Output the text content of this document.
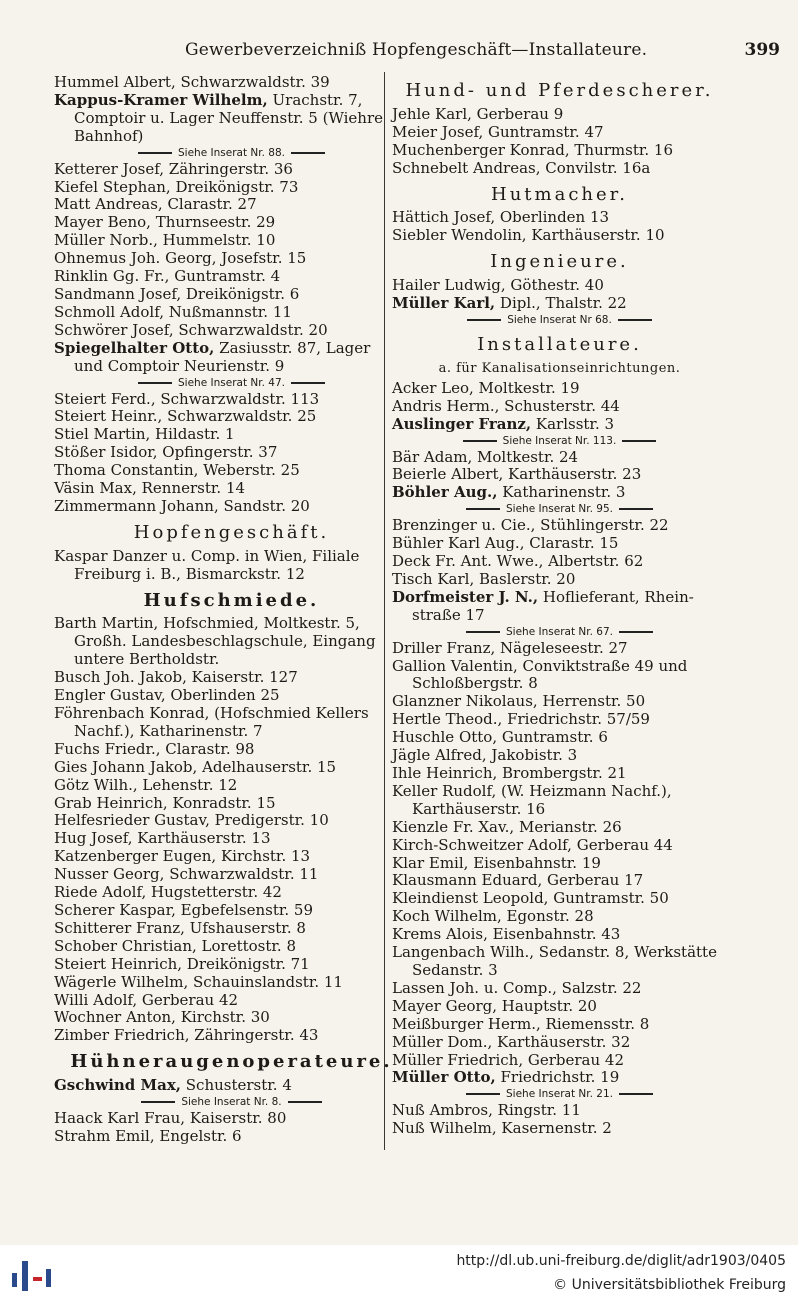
Gewerbeverzeichniß Hopfengeschäft—Installateure.	399
Hummel Albert, Schwarzwaldstr. 39
Kappus-Kramer Wilhelm, Urachstr. 7,
Comptoir u. Lager Neuffenstr. 5 (Wiehre
Bahnhof)
Siehe Inserat Nr. 88.
Ketterer Josef, Zähringerstr. 36
Kiefel Stephan, Dreikönigstr. 73
Matt Andreas, Clarastr. 27
Mayer Beno, Thurnseestr. 29
Müller Norb., Hummelstr. 10
Ohnemus Joh. Georg, Josefstr. 15
Rinklin Gg. Fr., Guntramstr. 4
Sandmann Josef, Dreikönigstr. 6
Schmoll Adolf, Nußmannstr. 11
Schwörer Josef, Schwarzwaldstr. 20
Spiegelhalter Otto, Zasiusstr. 87, Lager
und Comptoir Neurienstr. 9
Siehe Inserat Nr. 47.
Steiert Ferd., Schwarzwaldstr. 113
Steiert Heinr., Schwarzwaldstr. 25
Stiel Martin, Hildastr. 1
Stößer Isidor, Opfingerstr. 37
Thoma Constantin, Weberstr. 25
Väsin Max, Rennerstr. 14
Zimmermann Johann, Sandstr. 20
Hopfengeschäft.
Kaspar Danzer u. Comp. in Wien, Filiale
Freiburg i. B., Bismarckstr. 12
Hufschmiede.
Barth Martin, Hofschmied, Moltkestr. 5,
Großh. Landesbeschlagschule, Eingang
untere Bertholdstr.
Busch Joh. Jakob, Kaiserstr. 127
Engler Gustav, Oberlinden 25
Föhrenbach Konrad, (Hofschmied Kellers
Nachf.), Katharinenstr. 7
Fuchs Friedr., Clarastr. 98
Gies Johann Jakob, Adelhauserstr. 15
Götz Wilh., Lehenstr. 12
Grab Heinrich, Konradstr. 15
Helfesrieder Gustav, Predigerstr. 10
Hug Josef, Karthäuserstr. 13
Katzenberger Eugen, Kirchstr. 13
Nusser Georg, Schwarzwaldstr. 11
Riede Adolf, Hugstetterstr. 42
Scherer Kaspar, Egbefelsenstr. 59
Schitterer Franz, Ufshauserstr. 8
Schober Christian, Lorettostr. 8
Steiert Heinrich, Dreikönigstr. 71
Wägerle Wilhelm, Schauinslandstr. 11
Willi Adolf, Gerberau 42
Wochner Anton, Kirchstr. 30
Zimber Friedrich, Zähringerstr. 43
Hühneraugenoperateure.
Gschwind Max, Schusterstr. 4
Siehe Inserat Nr. 8.
Haack Karl Frau, Kaiserstr. 80
Strahm Emil, Engelstr. 6
Hund- und Pferdescherer.
Jehle Karl, Gerberau 9
Meier Josef, Guntramstr. 47
Muchenberger Konrad, Thurmstr. 16
Schnebelt Andreas, Convilstr. 16a
Hutmacher.
Hättich Josef, Oberlinden 13
Siebler Wendolin, Karthäuserstr. 10
Ingenieure.
Hailer Ludwig, Göthestr. 40
Müller Karl, Dipl., Thalstr. 22
Siehe Inserat Nr 68.
Installateure.
a. für Kanalisationseinrichtungen.
Acker Leo, Moltkestr. 19
Andris Herm., Schusterstr. 44
Auslinger Franz, Karlsstr. 3
Siehe Inserat Nr. 113.
Bär Adam, Moltkestr. 24
Beierle Albert, Karthäuserstr. 23
Böhler Aug., Katharinenstr. 3
Siehe Inserat Nr. 95.
Brenzinger u. Cie., Stühlingerstr. 22
Bühler Karl Aug., Clarastr. 15
Deck Fr. Ant. Wwe., Albertstr. 62
Tisch Karl, Baslerstr. 20
Dorfmeister J. N., Hoflieferant, Rhein-
straße 17
Siehe Inserat Nr. 67.
Driller Franz, Nägeleseestr. 27
Gallion Valentin, Conviktstraße 49 und
Schloßbergstr. 8
Glanzner Nikolaus, Herrenstr. 50
Hertle Theod., Friedrichstr. 57/59
Huschle Otto, Guntramstr. 6
Jägle Alfred, Jakobistr. 3
Ihle Heinrich, Brombergstr. 21
Keller Rudolf, (W. Heizmann Nachf.),
Karthäuserstr. 16
Kienzle Fr. Xav., Merianstr. 26
Kirch-Schweitzer Adolf, Gerberau 44
Klar Emil, Eisenbahnstr. 19
Klausmann Eduard, Gerberau 17
Kleindienst Leopold, Guntramstr. 50
Koch Wilhelm, Egonstr. 28
Krems Alois, Eisenbahnstr. 43
Langenbach Wilh., Sedanstr. 8, Werkstätte
Sedanstr. 3
Lassen Joh. u. Comp., Salzstr. 22
Mayer Georg, Hauptstr. 20
Meißburger Herm., Riemensstr. 8
Müller Dom., Karthäuserstr. 32
Müller Friedrich, Gerberau 42
Müller Otto, Friedrichstr. 19
Siehe Inserat Nr. 21.
Nuß Ambros, Ringstr. 11
Nuß Wilhelm, Kasernenstr. 2
http://dl.ub.uni-freiburg.de/diglit/adr1903/0405
© Universitätsbibliothek Freiburg
